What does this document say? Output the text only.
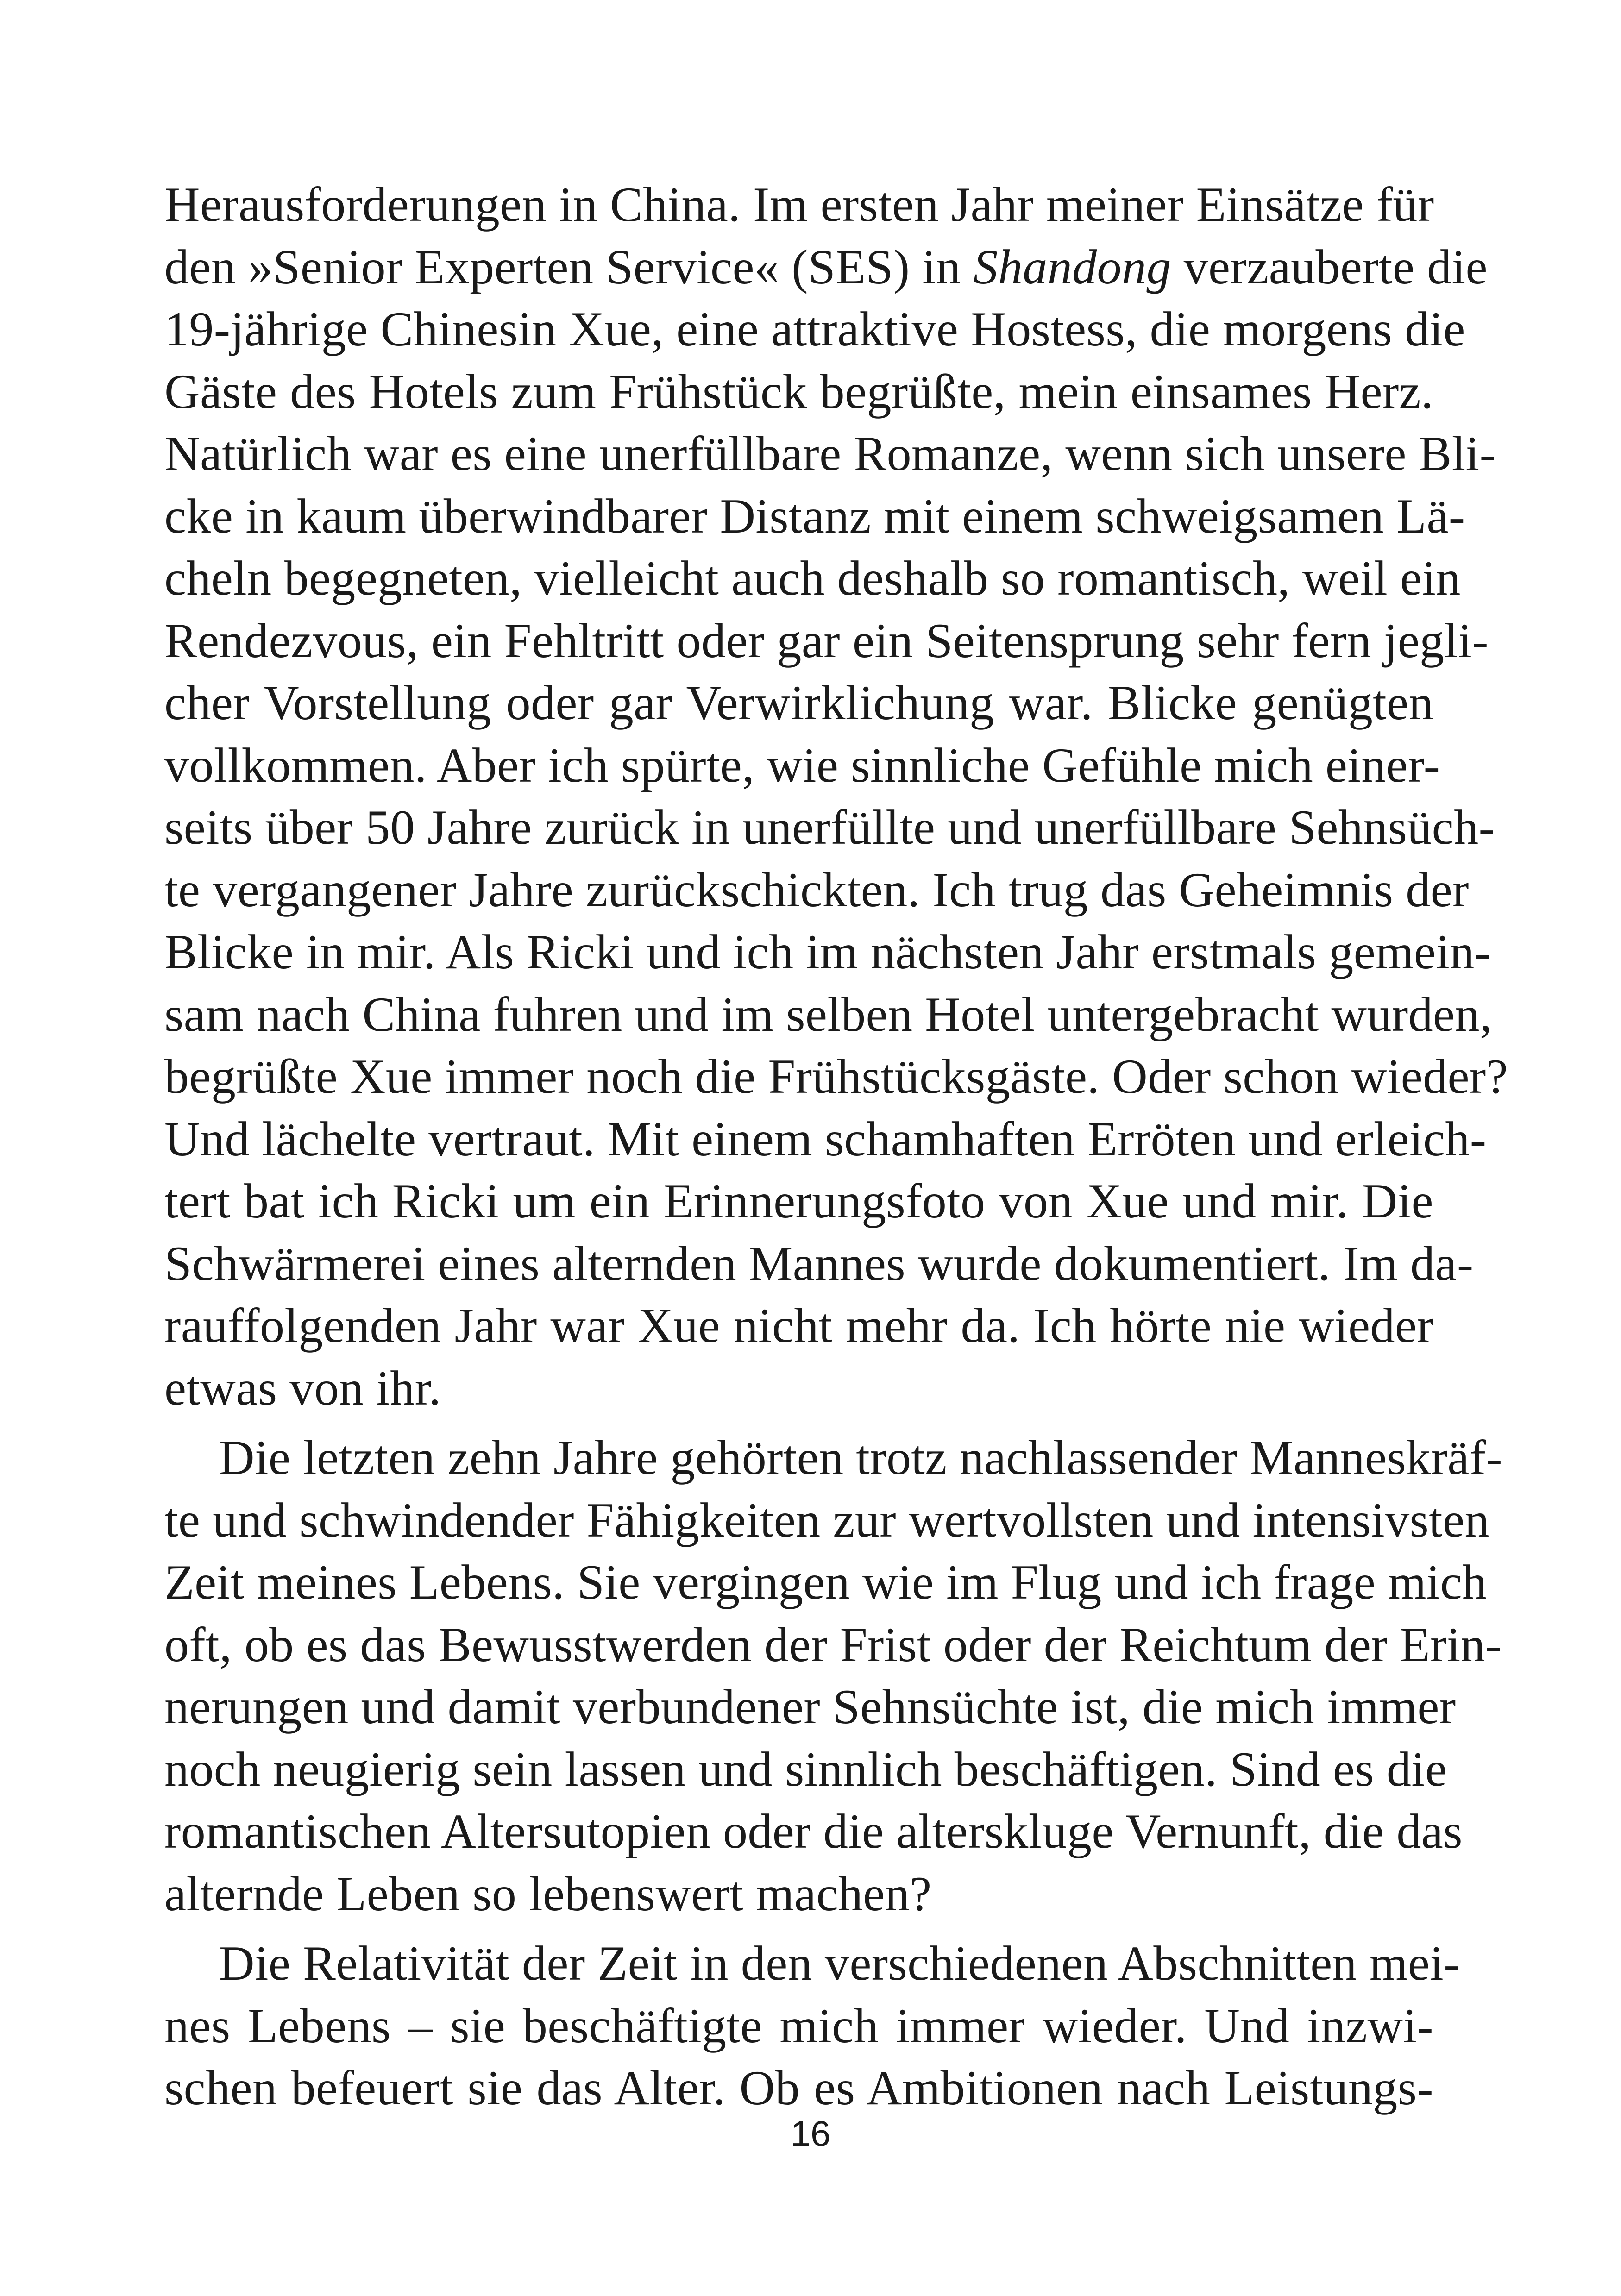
Herausforderungen in China. Im ersten Jahr meiner Einsätze für
den »Senior Experten Service« (SES) in Shandong verzauberte die
19-jährige Chinesin Xue, eine attraktive Hostess, die morgens die
Gäste des Hotels zum Frühstück begrüßte, mein einsames Herz.
Natürlich war es eine unerfüllbare Romanze, wenn sich unsere Bli-
cke in kaum überwindbarer Distanz mit einem schweigsamen Lä-
cheln begegneten, vielleicht auch deshalb so romantisch, weil ein
Rendezvous, ein Fehltritt oder gar ein Seitensprung sehr fern jegli-
cher Vorstellung oder gar Verwirklichung war. Blicke genügten
vollkommen. Aber ich spürte, wie sinnliche Gefühle mich einer-
seits über 50 Jahre zurück in unerfüllte und unerfüllbare Sehnsüch-
te vergangener Jahre zurückschickten. Ich trug das Geheimnis der
Blicke in mir. Als Ricki und ich im nächsten Jahr erstmals gemein-
sam nach China fuhren und im selben Hotel untergebracht wurden,
begrüßte Xue immer noch die Frühstücksgäste. Oder schon wieder?
Und lächelte vertraut. Mit einem schamhaften Erröten und erleich-
tert bat ich Ricki um ein Erinnerungsfoto von Xue und mir. Die
Schwärmerei eines alternden Mannes wurde dokumentiert. Im da-
rauffolgenden Jahr war Xue nicht mehr da. Ich hörte nie wieder
etwas von ihr.
Die letzten zehn Jahre gehörten trotz nachlassender Manneskräf-
te und schwindender Fähigkeiten zur wertvollsten und intensivsten
Zeit meines Lebens. Sie vergingen wie im Flug und ich frage mich
oft, ob es das Bewusstwerden der Frist oder der Reichtum der Erin-
nerungen und damit verbundener Sehnsüchte ist, die mich immer
noch neugierig sein lassen und sinnlich beschäftigen. Sind es die
romantischen Altersutopien oder die alterskluge Vernunft, die das
alternde Leben so lebenswert machen?
Die Relativität der Zeit in den verschiedenen Abschnitten mei-
nes Lebens – sie beschäftigte mich immer wieder. Und inzwi-
schen befeuert sie das Alter. Ob es Ambitionen nach Leistungs-
16
